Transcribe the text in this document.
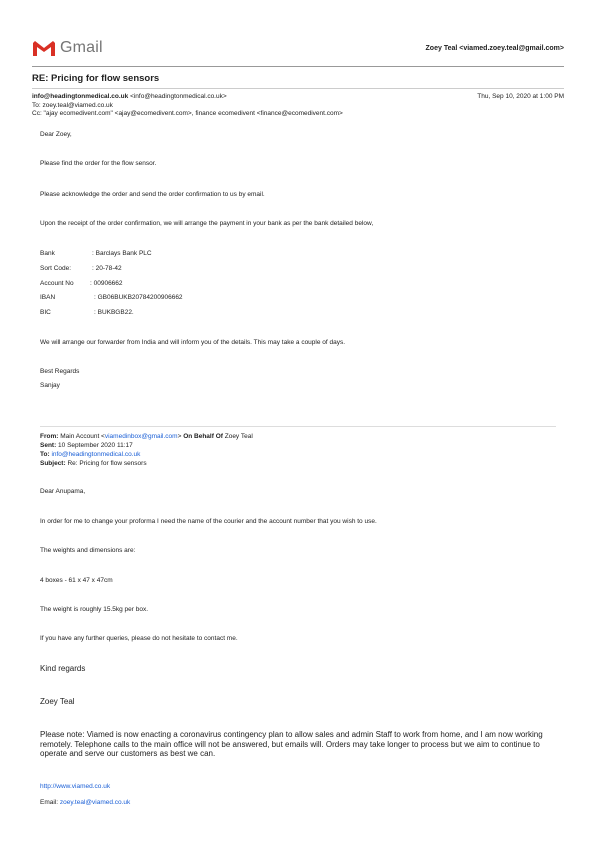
Gmail	Zoey Teal <viamed.zoey.teal@gmail.com>
RE: Pricing for flow sensors
info@headingtonmedical.co.uk <info@headingtonmedical.co.uk>
To: zoey.teal@viamed.co.uk
Cc: "ajay ecomedivent.com" <ajay@ecomedivent.com>, finance ecomedivent <finance@ecomedivent.com>
Thu, Sep 10, 2020 at 1:00 PM
Dear Zoey,
Please find the order for the flow sensor.
Please acknowledge the order and send the order confirmation to us by email.
Upon the receipt of the order confirmation, we will arrange the payment in your bank as per the bank detailed below,
Bank	: Barclays Bank PLC
Sort Code:	: 20-78-42
Account No	: 00906662
IBAN	: GB06BUKB20784200906662
BIC	: BUKBGB22.
We will arrange our forwarder from India and will inform you of the details. This may take a couple of days.
Best Regards
Sanjay
From: Main Account <viamedinbox@gmail.com> On Behalf Of Zoey Teal
Sent: 10 September 2020 11:17
To: info@headingtonmedical.co.uk
Subject: Re: Pricing for flow sensors
Dear Anupama,
In order for me to change your proforma I need the name of the courier and the account number that you wish to use.
The weights and dimensions are:
4 boxes - 61 x 47 x 47cm
The weight is roughly 15.5kg per box.
If you have any further queries, please do not hesitate to contact me.
Kind regards
Zoey Teal
Please note: Viamed is now enacting a coronavirus contingency plan to allow sales and admin Staff to work from home, and I am now working remotely. Telephone calls to the main office will not be answered, but emails will. Orders may take longer to process but we aim to continue to operate and serve our customers as best we can.
http://www.viamed.co.uk
Email: zoey.teal@viamed.co.uk
